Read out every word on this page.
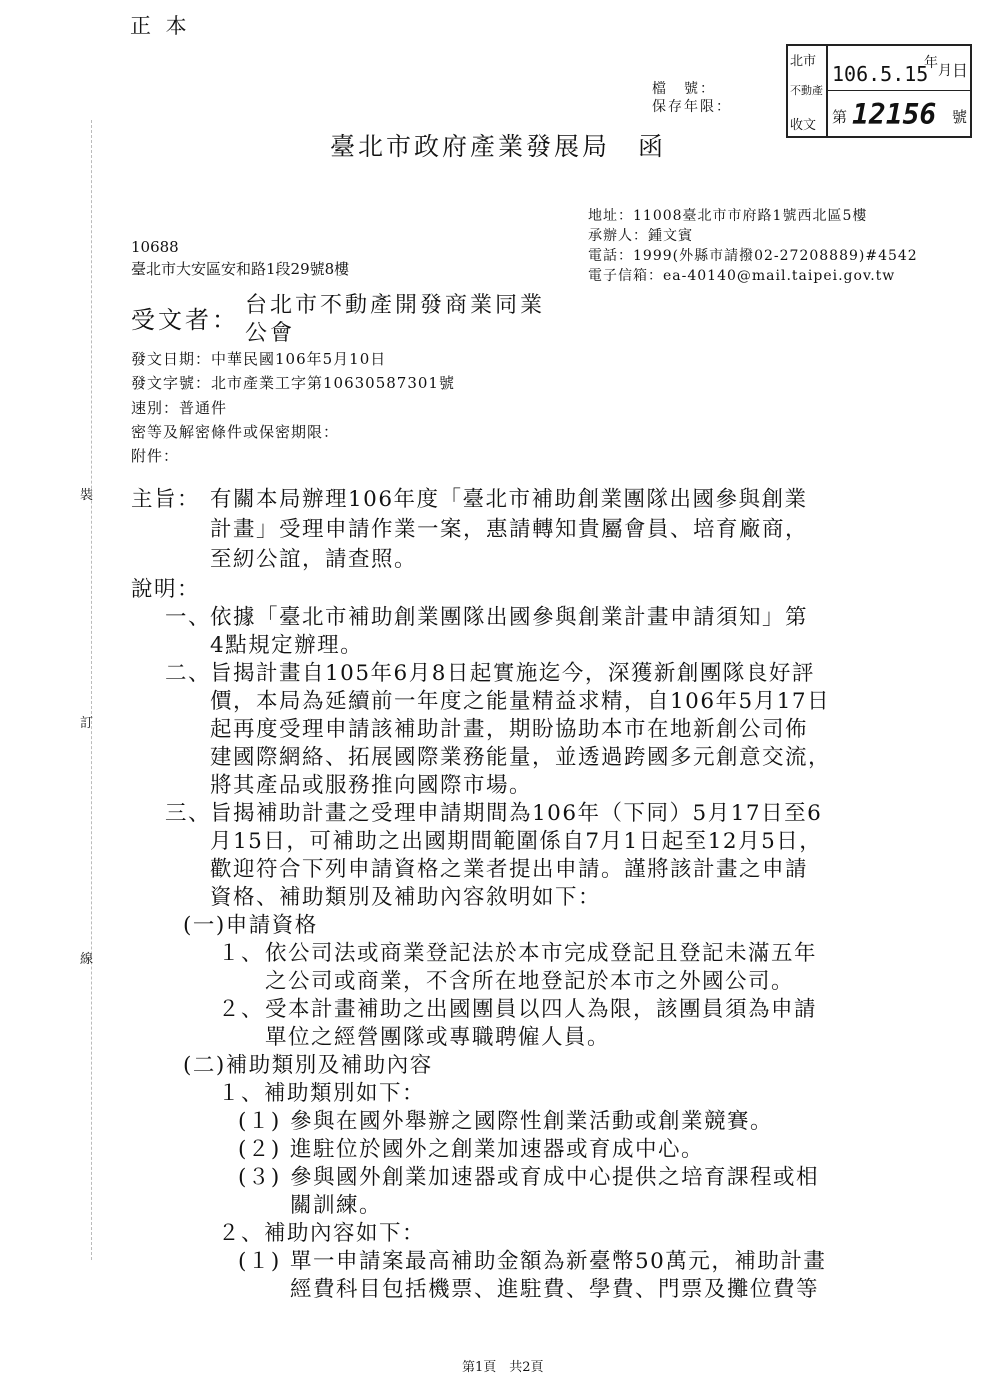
正 本
檔　號：
保存年限：
北市
不動產
收文
106.5.15
年 月 日
第 12156 號
臺北市政府產業發展局　函
地址：11008臺北市市府路1號西北區5樓
承辦人：鍾文賓
電話：1999(外縣市請撥02-27208889)#4542
電子信箱：ea-40140@mail.taipei.gov.tw
10688
臺北市大安區安和路1段29號8樓
受文者：
台北市不動產開發商業同業
公會
發文日期：中華民國106年5月10日
發文字號：北市產業工字第10630587301號
速別：普通件
密等及解密條件或保密期限：
附件：
裝
訂
線
主旨： 有關本局辦理106年度「臺北市補助創業團隊出國參與創業
計畫」受理申請作業一案，惠請轉知貴屬會員、培育廠商，
至紉公誼，請查照。
說明：
一、
依據「臺北市補助創業團隊出國參與創業計畫申請須知」第
4點規定辦理。
二、
旨揭計畫自105年6月8日起實施迄今，深獲新創團隊良好評
價，本局為延續前一年度之能量精益求精，自106年5月17日
起再度受理申請該補助計畫，期盼協助本市在地新創公司佈
建國際網絡、拓展國際業務能量，並透過跨國多元創意交流，
將其產品或服務推向國際市場。
三、
旨揭補助計畫之受理申請期間為106年（下同）5月17日至6
月15日，可補助之出國期間範圍係自7月1日起至12月5日，
歡迎符合下列申請資格之業者提出申請。謹將該計畫之申請
資格、補助類別及補助內容敘明如下：
(一)申請資格
１、 依公司法或商業登記法於本市完成登記且登記未滿五年
之公司或商業，不含所在地登記於本市之外國公司。
２、 受本計畫補助之出國團員以四人為限，該團員須為申請
單位之經營團隊或專職聘僱人員。
(二)補助類別及補助內容
１、補助類別如下：
(１) 參與在國外舉辦之國際性創業活動或創業競賽。
(２) 進駐位於國外之創業加速器或育成中心。
(３) 參與國外創業加速器或育成中心提供之培育課程或相
關訓練。
２、補助內容如下：
(１) 單一申請案最高補助金額為新臺幣50萬元，補助計畫
經費科目包括機票、進駐費、學費、門票及攤位費等
第1頁　共2頁
